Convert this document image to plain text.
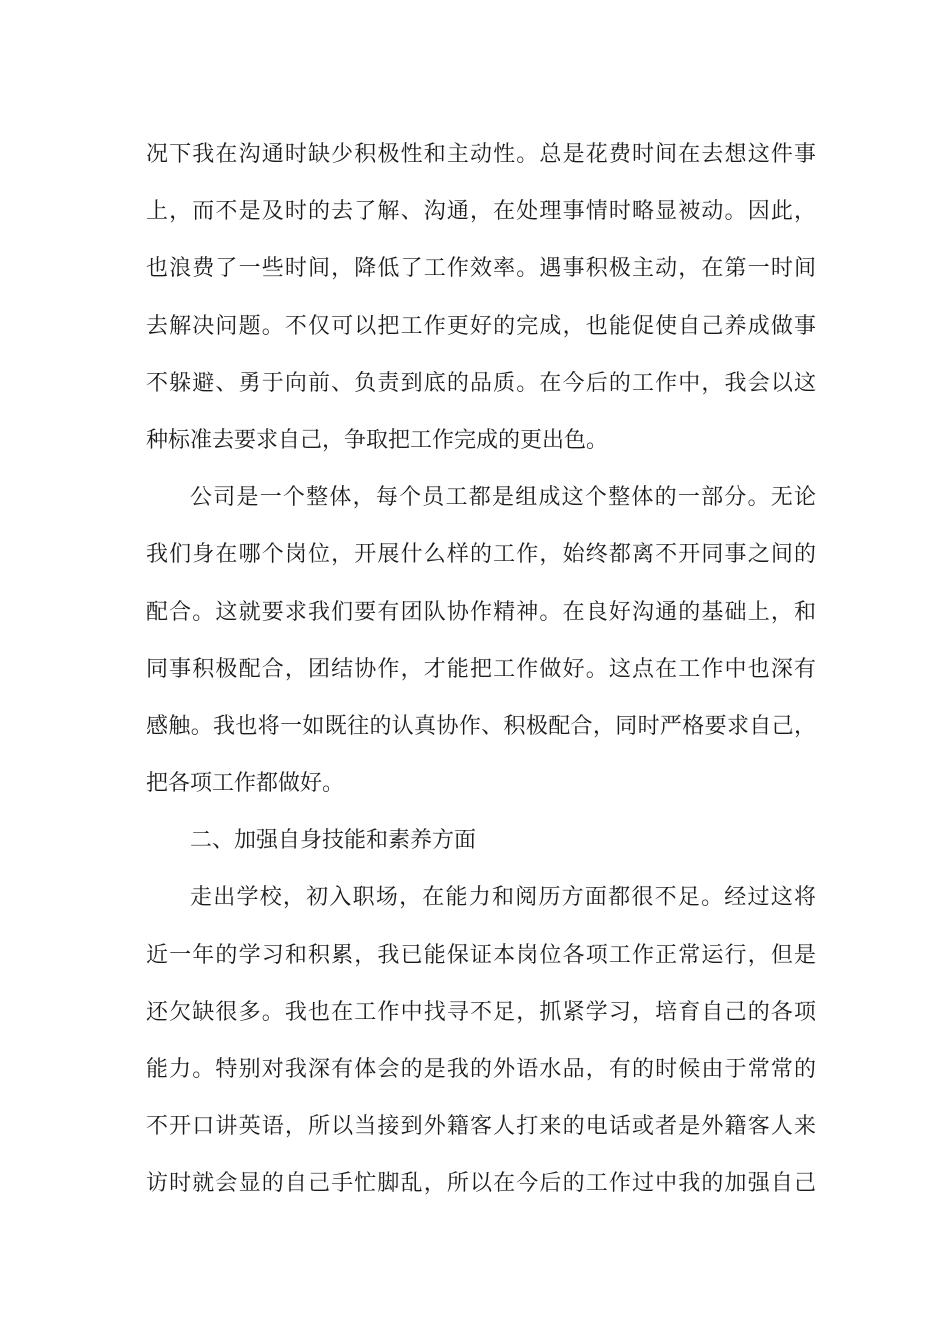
况下我在沟通时缺少积极性和主动性。总是花费时间在去想这件事
上，而不是及时的去了解、沟通，在处理事情时略显被动。因此，
也浪费了一些时间，降低了工作效率。遇事积极主动，在第一时间
去解决问题。不仅可以把工作更好的完成，也能促使自己养成做事
不躲避、勇于向前、负责到底的品质。在今后的工作中，我会以这
种标准去要求自己，争取把工作完成的更出色。
公司是一个整体，每个员工都是组成这个整体的一部分。无论
我们身在哪个岗位，开展什么样的工作，始终都离不开同事之间的
配合。这就要求我们要有团队协作精神。在良好沟通的基础上，和
同事积极配合，团结协作，才能把工作做好。这点在工作中也深有
感触。我也将一如既往的认真协作、积极配合，同时严格要求自己，
把各项工作都做好。
二、加强自身技能和素养方面
走出学校，初入职场，在能力和阅历方面都很不足。经过这将
近一年的学习和积累，我已能保证本岗位各项工作正常运行，但是
还欠缺很多。我也在工作中找寻不足，抓紧学习，培育自己的各项
能力。特别对我深有体会的是我的外语水品，有的时候由于常常的
不开口讲英语，所以当接到外籍客人打来的电话或者是外籍客人来
访时就会显的自己手忙脚乱，所以在今后的工作过中我的加强自己
